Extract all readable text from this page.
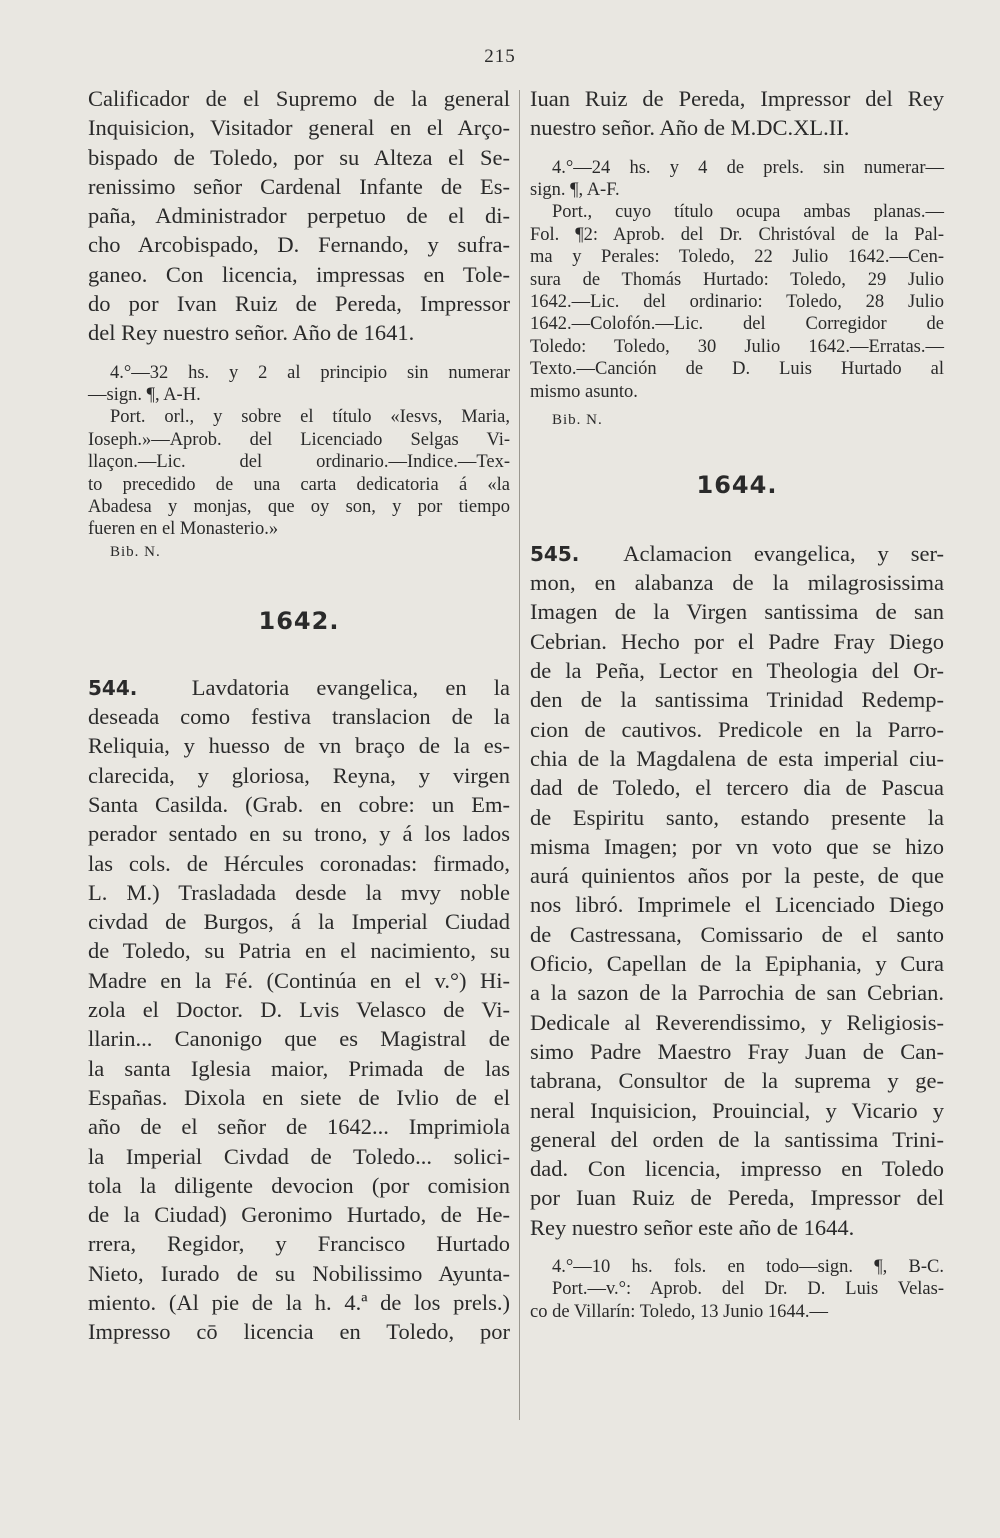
215
Calificador de el Supremo de la general
Inquisicion, Visitador general en el Arço-
bispado de Toledo, por su Alteza el Se-
renissimo señor Cardenal Infante de Es-
paña, Administrador perpetuo de el di-
cho Arcobispado, D. Fernando, y sufra-
ganeo. Con licencia, impressas en Tole-
do por Ivan Ruiz de Pereda, Impressor
del Rey nuestro señor. Año de 1641.
4.°—32 hs. y 2 al principio sin numerar
—sign. ¶, A-H.
Port. orl., y sobre el título «Iesvs, Maria,
Ioseph.»—Aprob. del Licenciado Selgas Vi-
llaçon.—Lic. del ordinario.—Indice.—Tex-
to precedido de una carta dedicatoria á «la
Abadesa y monjas, que oy son, y por tiempo
fueren en el Monasterio.»
Bib. N.
1642.
544. Lavdatoria evangelica, en la
deseada como festiva translacion de la
Reliquia, y huesso de vn braço de la es-
clarecida, y gloriosa, Reyna, y virgen
Santa Casilda. (Grab. en cobre: un Em-
perador sentado en su trono, y á los lados
las cols. de Hércules coronadas: firmado,
L. M.) Trasladada desde la mvy noble
civdad de Burgos, á la Imperial Ciudad
de Toledo, su Patria en el nacimiento, su
Madre en la Fé. (Continúa en el v.°) Hi-
zola el Doctor. D. Lvis Velasco de Vi-
llarin... Canonigo que es Magistral de
la santa Iglesia maior, Primada de las
Españas. Dixola en siete de Ivlio de el
año de el señor de 1642... Imprimiola
la Imperial Civdad de Toledo... solici-
tola la diligente devocion (por comision
de la Ciudad) Geronimo Hurtado, de He-
rrera, Regidor, y Francisco Hurtado
Nieto, Iurado de su Nobilissimo Ayunta-
miento. (Al pie de la h. 4.ª de los prels.)
Impresso cō licencia en Toledo, por
Iuan Ruiz de Pereda, Impressor del Rey
nuestro señor. Año de M.DC.XL.II.
4.°—24 hs. y 4 de prels. sin numerar—
sign. ¶, A-F.
Port., cuyo título ocupa ambas planas.—
Fol. ¶2: Aprob. del Dr. Christóval de la Pal-
ma y Perales: Toledo, 22 Julio 1642.—Cen-
sura de Thomás Hurtado: Toledo, 29 Julio
1642.—Lic. del ordinario: Toledo, 28 Julio
1642.—Colofón.—Lic. del Corregidor de
Toledo: Toledo, 30 Julio 1642.—Erratas.—
Texto.—Canción de D. Luis Hurtado al
mismo asunto.
Bib. N.
1644.
545. Aclamacion evangelica, y ser-
mon, en alabanza de la milagrosissima
Imagen de la Virgen santissima de san
Cebrian. Hecho por el Padre Fray Diego
de la Peña, Lector en Theologia del Or-
den de la santissima Trinidad Redemp-
cion de cautivos. Predicole en la Parro-
chia de la Magdalena de esta imperial ciu-
dad de Toledo, el tercero dia de Pascua
de Espiritu santo, estando presente la
misma Imagen; por vn voto que se hizo
aurá quinientos años por la peste, de que
nos libró. Imprimele el Licenciado Diego
de Castressana, Comissario de el santo
Oficio, Capellan de la Epiphania, y Cura
a la sazon de la Parrochia de san Cebrian.
Dedicale al Reverendissimo, y Religiosis-
simo Padre Maestro Fray Juan de Can-
tabrana, Consultor de la suprema y ge-
neral Inquisicion, Prouincial, y Vicario y
general del orden de la santissima Trini-
dad. Con licencia, impresso en Toledo
por Iuan Ruiz de Pereda, Impressor del
Rey nuestro señor este año de 1644.
4.°—10 hs. fols. en todo—sign. ¶, B-C.
Port.—v.°: Aprob. del Dr. D. Luis Velas-
co de Villarín: Toledo, 13 Junio 1644.—
